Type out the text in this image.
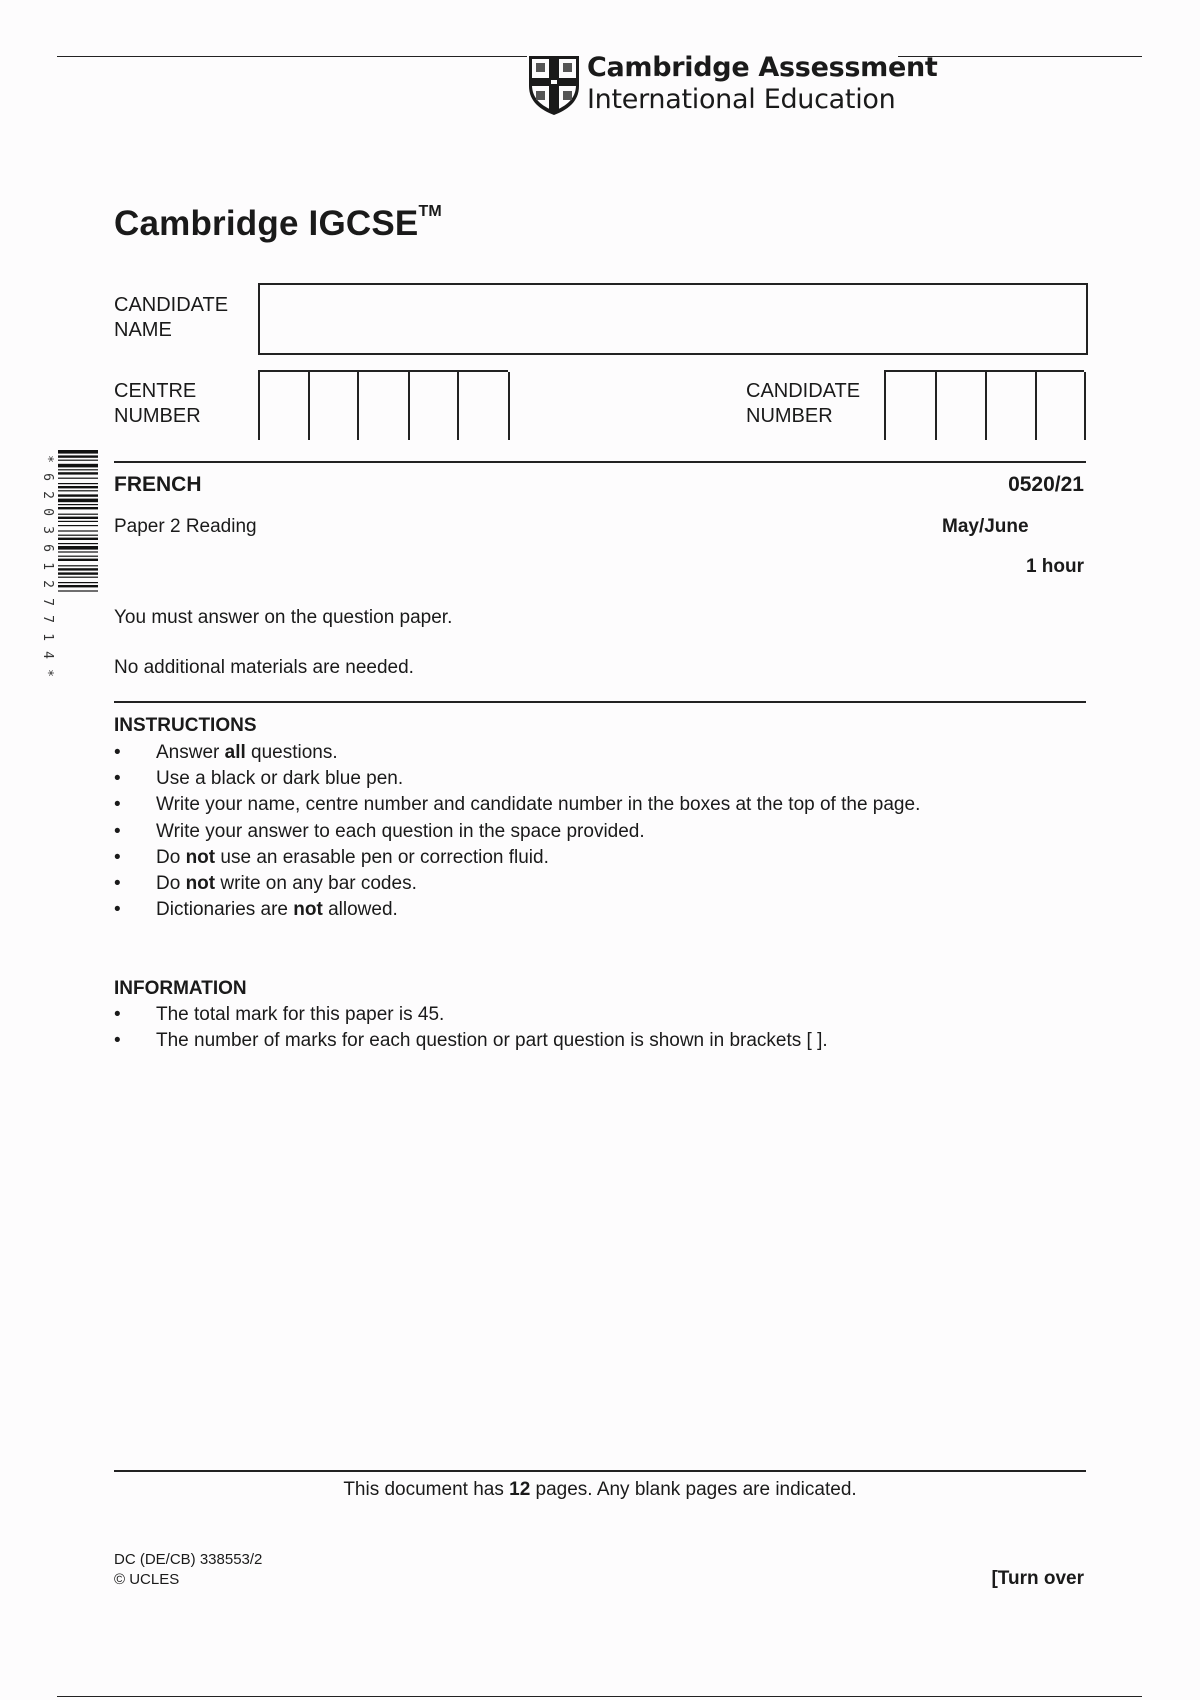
Cambridge Assessment
International Education
Cambridge IGCSE™
CANDIDATE
NAME
CENTRE
NUMBER
CANDIDATE
NUMBER
*
6
2
0
3
6
1
2
7
7
1
4
*
FRENCH	0520/21
Paper 2 Reading	May/June
1 hour
You must answer on the question paper.
No additional materials are needed.
INSTRUCTIONS
• Answer all questions.
• Use a black or dark blue pen.
• Write your name, centre number and candidate number in the boxes at the top of the page.
• Write your answer to each question in the space provided.
• Do not use an erasable pen or correction fluid.
• Do not write on any bar codes.
• Dictionaries are not allowed.
INFORMATION
• The total mark for this paper is 45.
• The number of marks for each question or part question is shown in brackets [ ].
This document has 12 pages. Any blank pages are indicated.
DC (DE/CB) 338553/2
© UCLES	[Turn over
